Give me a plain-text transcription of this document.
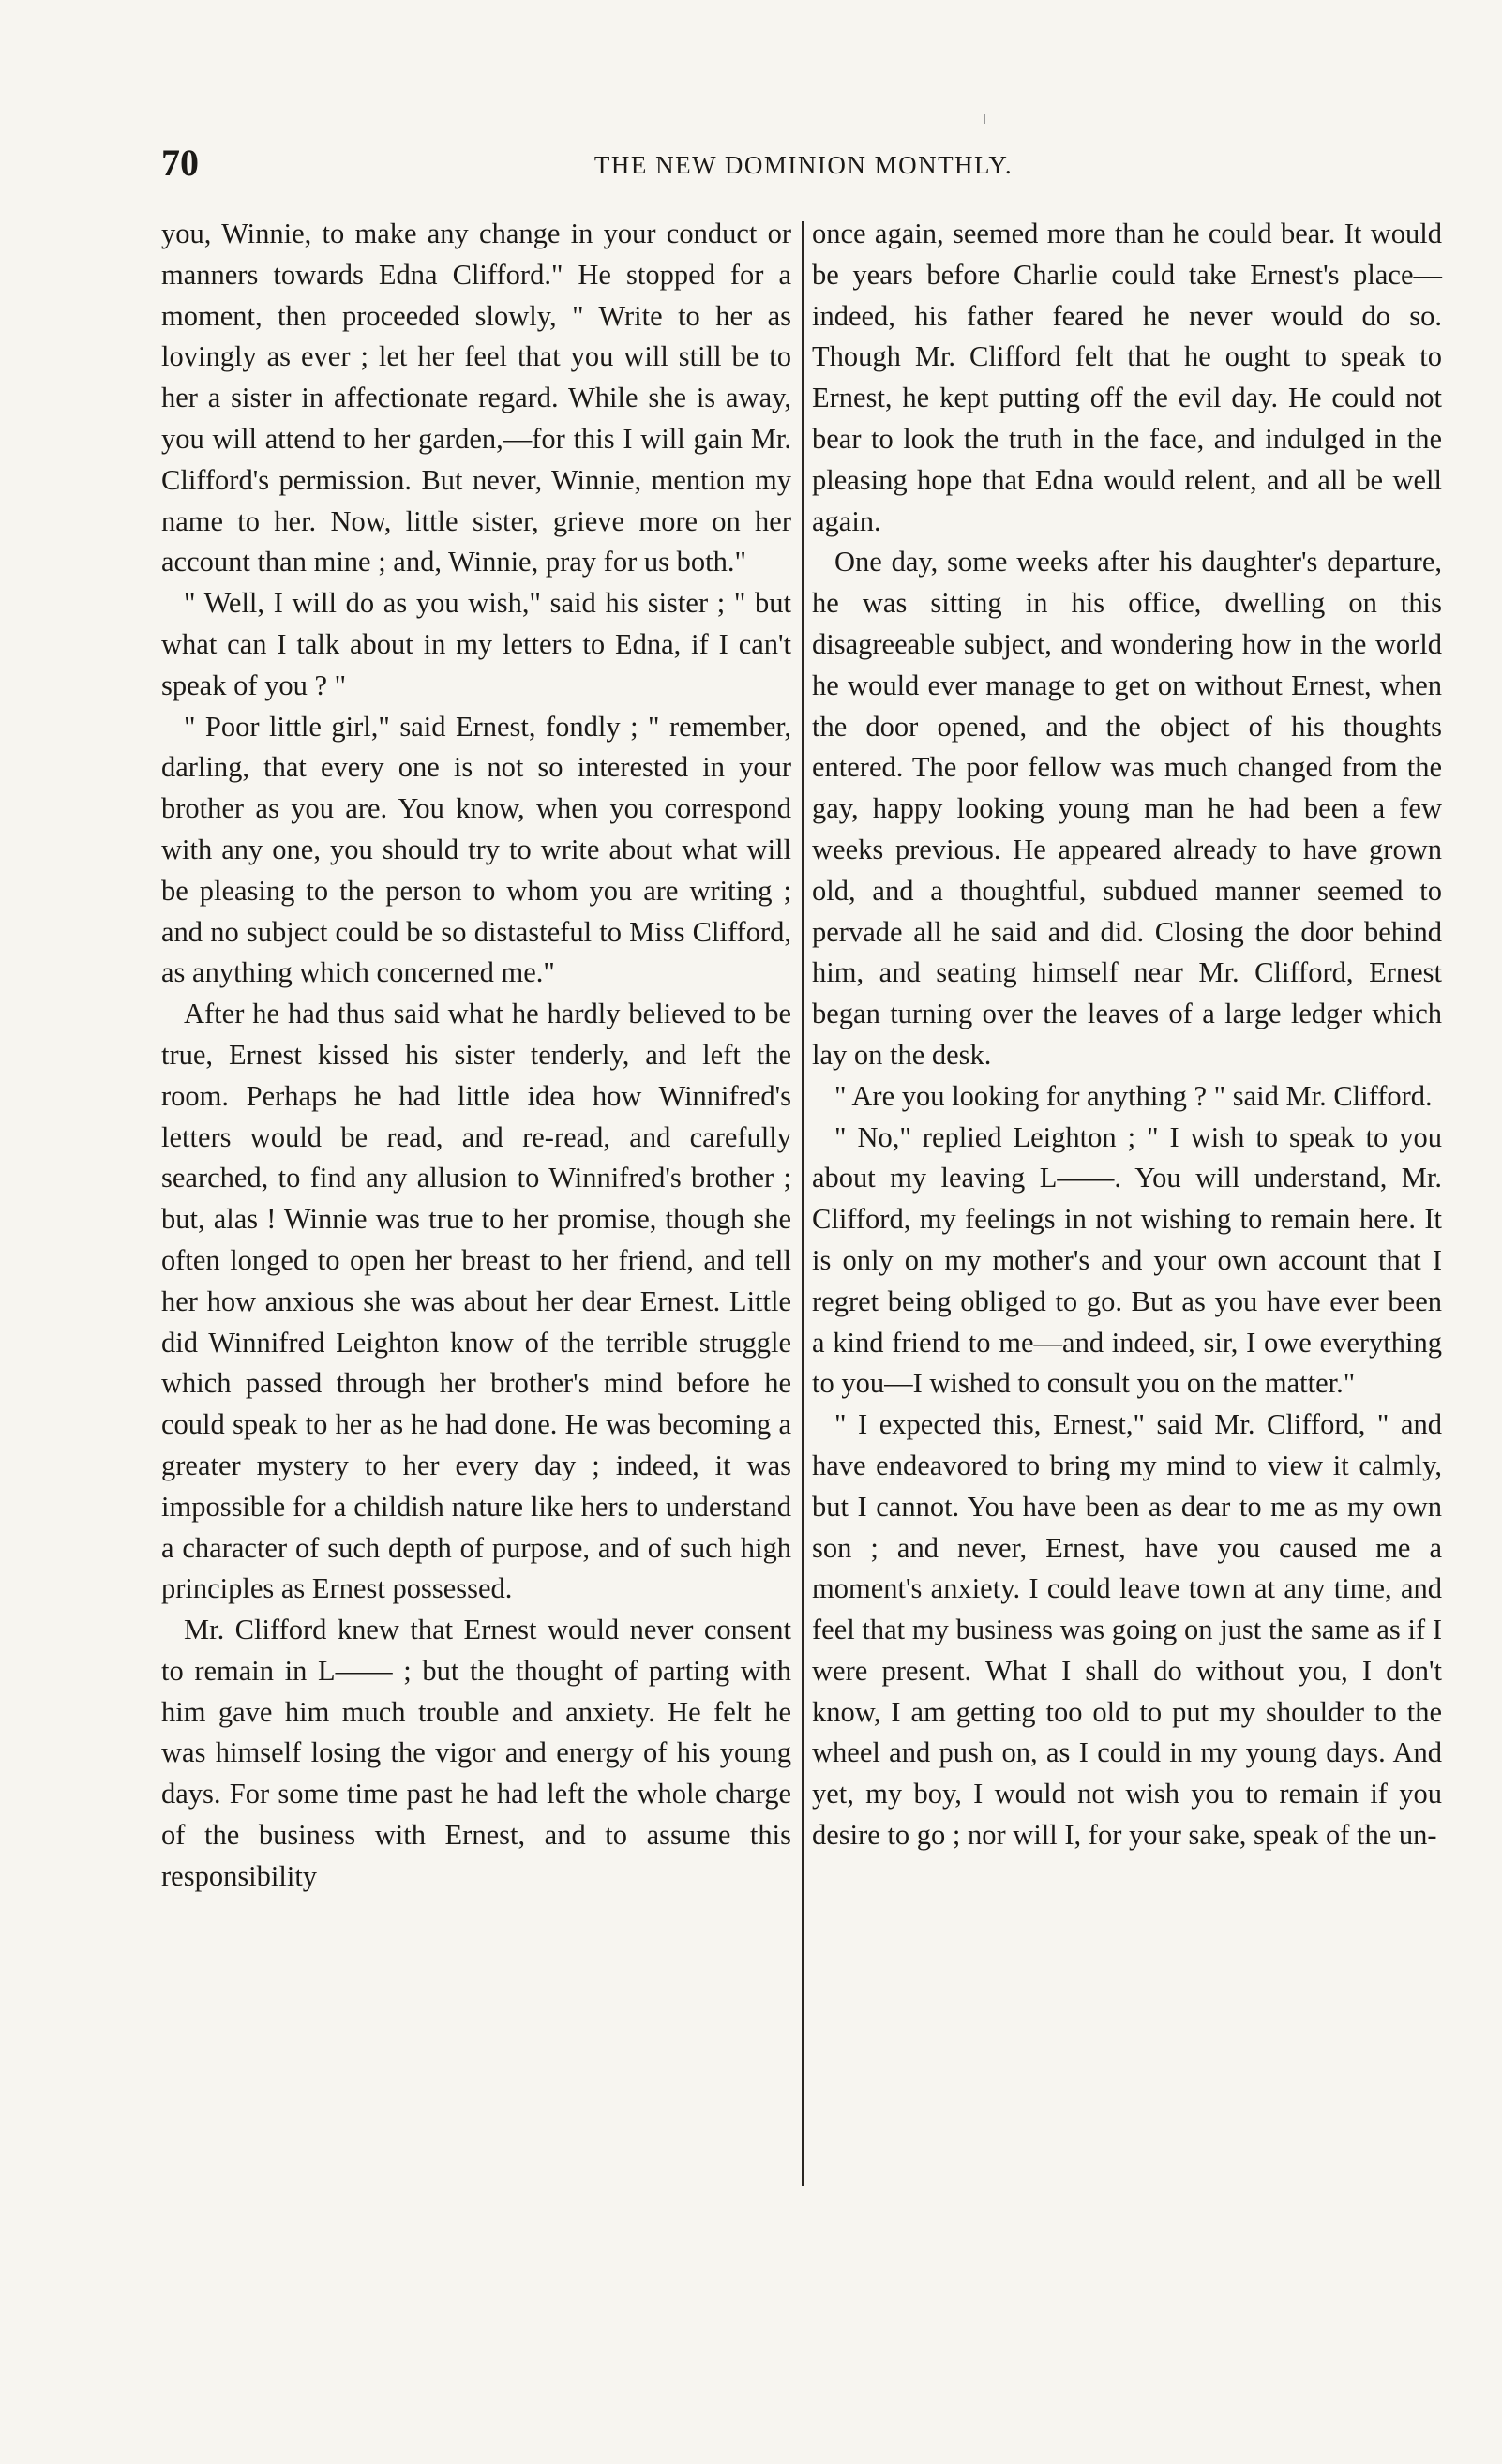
70	THE NEW DOMINION MONTHLY.

you, Winnie, to make any change in your conduct or manners towards Edna Clifford." He stopped for a moment, then proceeded slowly, " Write to her as lovingly as ever ; let her feel that you will still be to her a sister in affectionate regard. While she is away, you will attend to her garden,—for this I will gain Mr. Clifford's permission. But never, Winnie, mention my name to her. Now, little sister, grieve more on her account than mine ; and, Winnie, pray for us both."

" Well, I will do as you wish," said his sister ; " but what can I talk about in my letters to Edna, if I can't speak of you ? "

" Poor little girl," said Ernest, fondly ; " remember, darling, that every one is not so interested in your brother as you are. You know, when you correspond with any one, you should try to write about what will be pleasing to the person to whom you are writing ; and no subject could be so distasteful to Miss Clifford, as anything which concerned me."

After he had thus said what he hardly believed to be true, Ernest kissed his sister tenderly, and left the room. Perhaps he had little idea how Winnifred's letters would be read, and re-read, and carefully searched, to find any allusion to Winnifred's brother ; but, alas ! Winnie was true to her promise, though she often longed to open her breast to her friend, and tell her how anxious she was about her dear Ernest. Little did Winnifred Leighton know of the terrible struggle which passed through her brother's mind before he could speak to her as he had done. He was becoming a greater mystery to her every day ; indeed, it was impossible for a childish nature like hers to understand a character of such depth of purpose, and of such high principles as Ernest possessed.

Mr. Clifford knew that Ernest would never consent to remain in L—— ; but the thought of parting with him gave him much trouble and anxiety. He felt he was himself losing the vigor and energy of his young days. For some time past he had left the whole charge of the business with Ernest, and to assume this responsibility

once again, seemed more than he could bear. It would be years before Charlie could take Ernest's place—indeed, his father feared he never would do so. Though Mr. Clifford felt that he ought to speak to Ernest, he kept putting off the evil day. He could not bear to look the truth in the face, and indulged in the pleasing hope that Edna would relent, and all be well again.

One day, some weeks after his daughter's departure, he was sitting in his office, dwelling on this disagreeable subject, and wondering how in the world he would ever manage to get on without Ernest, when the door opened, and the object of his thoughts entered. The poor fellow was much changed from the gay, happy looking young man he had been a few weeks previous. He appeared already to have grown old, and a thoughtful, subdued manner seemed to pervade all he said and did. Closing the door behind him, and seating himself near Mr. Clifford, Ernest began turning over the leaves of a large ledger which lay on the desk.

" Are you looking for anything ? " said Mr. Clifford.

" No," replied Leighton ; " I wish to speak to you about my leaving L——. You will understand, Mr. Clifford, my feelings in not wishing to remain here. It is only on my mother's and your own account that I regret being obliged to go. But as you have ever been a kind friend to me—and indeed, sir, I owe everything to you—I wished to consult you on the matter."

" I expected this, Ernest," said Mr. Clifford, " and have endeavored to bring my mind to view it calmly, but I cannot. You have been as dear to me as my own son ; and never, Ernest, have you caused me a moment's anxiety. I could leave town at any time, and feel that my business was going on just the same as if I were present. What I shall do without you, I don't know, I am getting too old to put my shoulder to the wheel and push on, as I could in my young days. And yet, my boy, I would not wish you to remain if you desire to go ; nor will I, for your sake, speak of the un-
